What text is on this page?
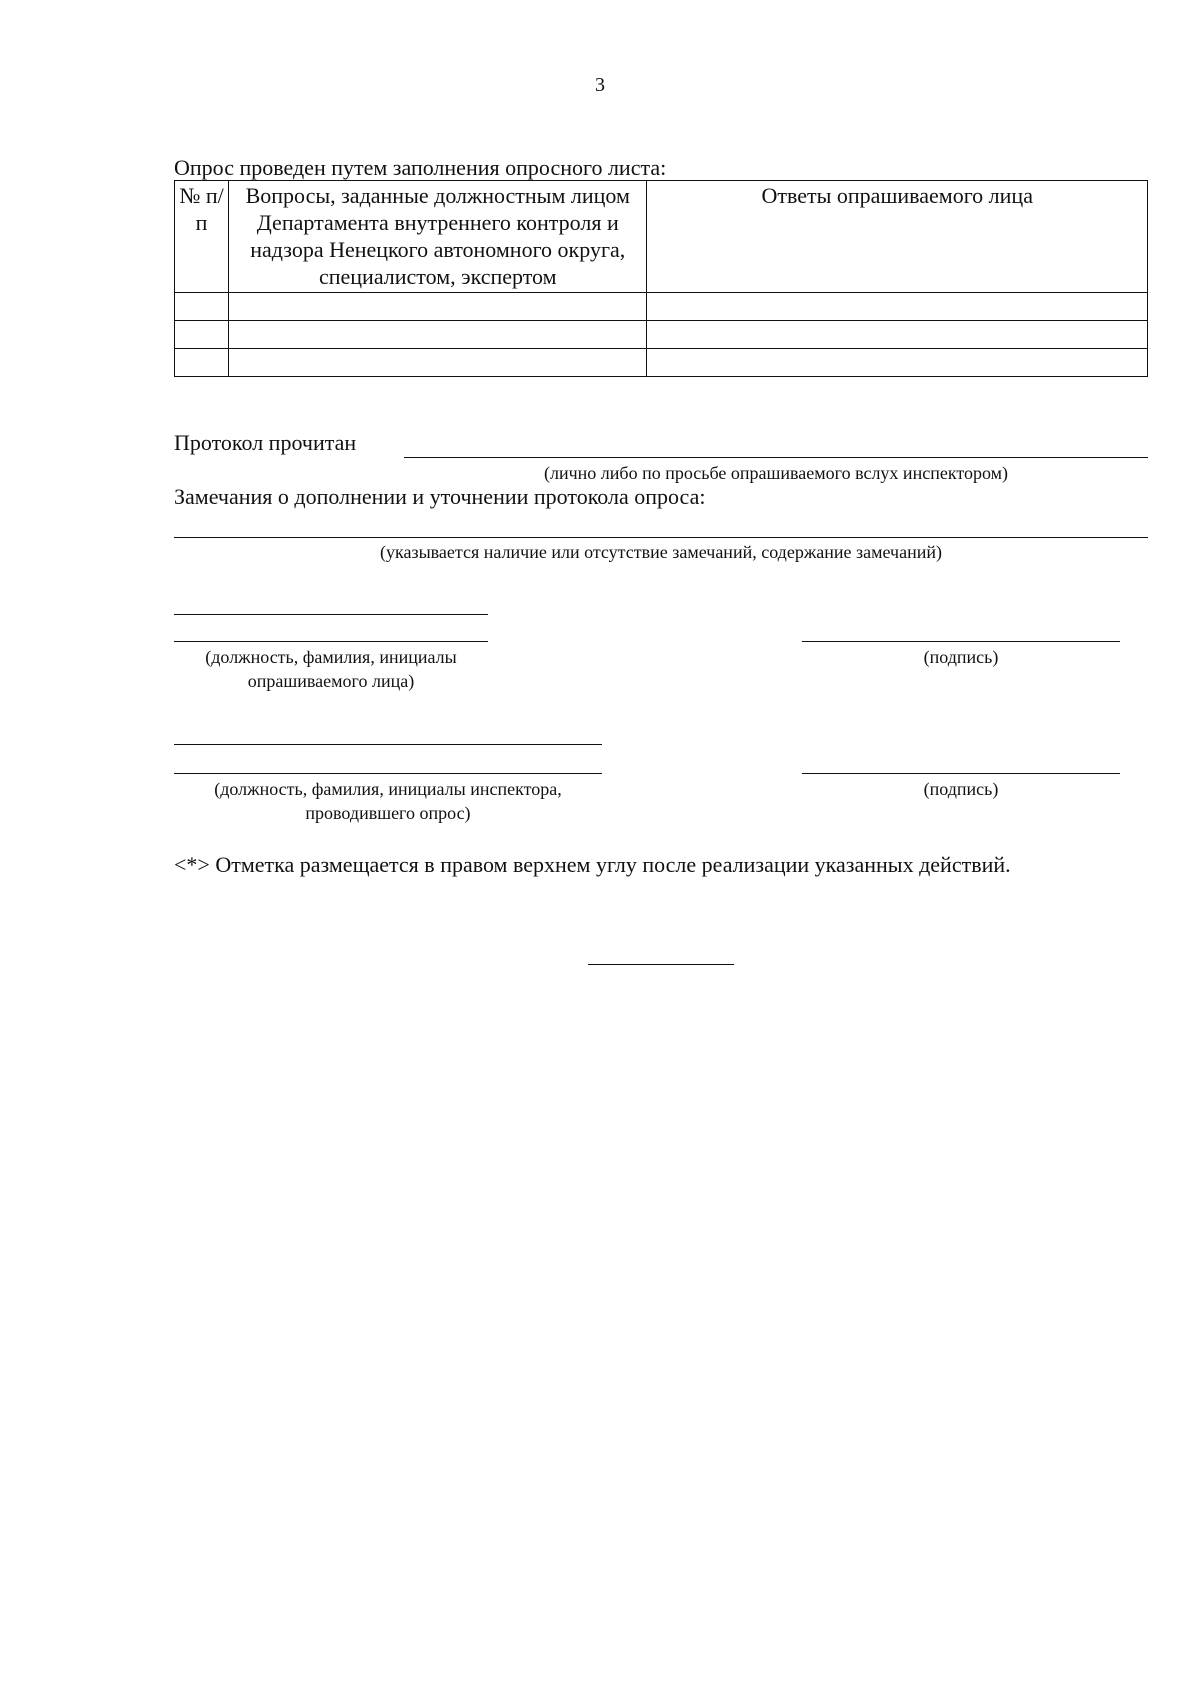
3
Опрос проведен путем заполнения опросного листа:
№ п/п	Вопросы, заданные должностным лицом Департамента внутреннего контроля и надзора Ненецкого автономного округа, специалистом, экспертом	Ответы опрашиваемого лица

Протокол прочитан
(лично либо по просьбе опрашиваемого вслух инспектором)
Замечания о дополнении и уточнении протокола опроса:
(указывается наличие или отсутствие замечаний, содержание замечаний)
(должность, фамилия, инициалы опрашиваемого лица)
(подпись)
(должность, фамилия, инициалы инспектора, проводившего опрос)
(подпись)
<*> Отметка размещается в правом верхнем углу после реализации указанных действий.
